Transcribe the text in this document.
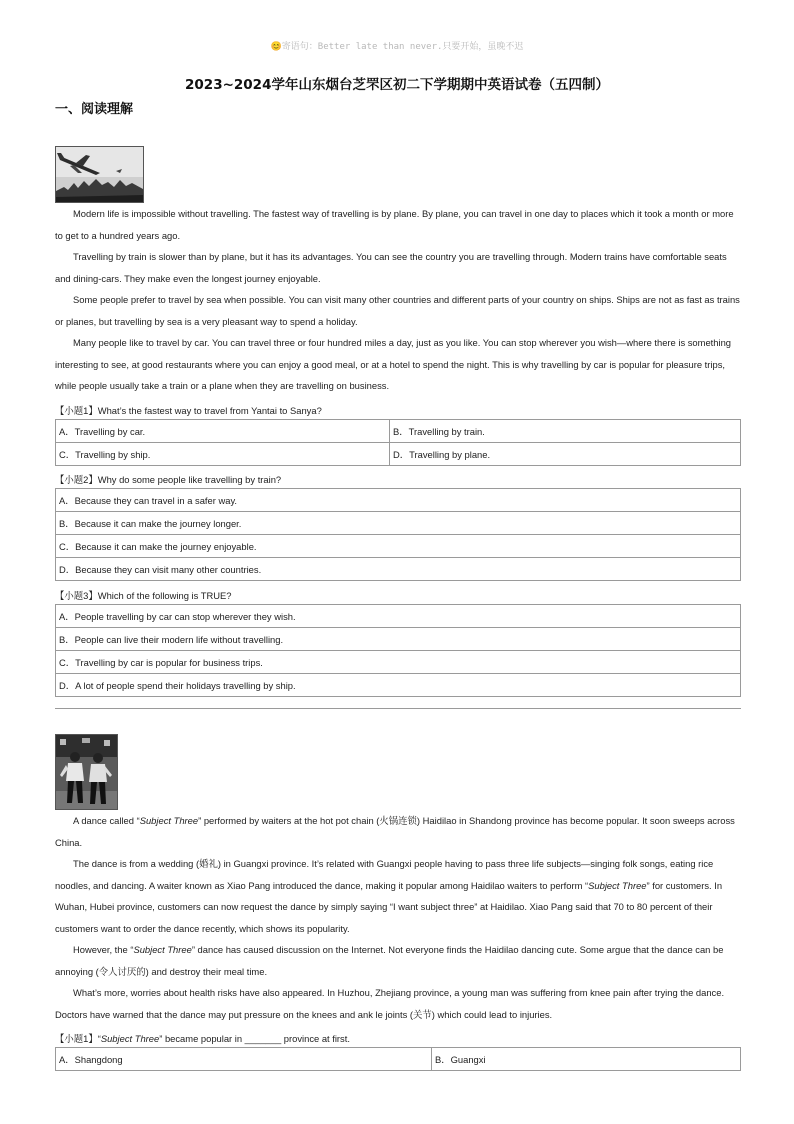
😊寄语句：Better late than never.只要开始，虽晚不迟
2023~2024学年山东烟台芝罘区初二下学期期中英语试卷（五四制）
一、阅读理解

Modern life is impossible without travelling. The fastest way of travelling is by plane. By plane, you can travel in one day to places which it took a month or more to get to a hundred years ago.

Travelling by train is slower than by plane, but it has its advantages. You can see the country you are travelling through. Modern trains have comfortable seats and dining-cars. They make even the longest journey enjoyable.

Some people prefer to travel by sea when possible. You can visit many other countries and different parts of your country on ships. Ships are not as fast as trains or planes, but travelling by sea is a very pleasant way to spend a holiday.

Many people like to travel by car. You can travel three or four hundred miles a day, just as you like. You can stop wherever you wish—where there is something interesting to see, at good restaurants where you can enjoy a good meal, or at a hotel to spend the night. This is why travelling by car is popular for pleasure trips, while people usually take a train or a plane when they are travelling on business.

【小题1】What’s the fastest way to travel from Yantai to Sanya?
A．Travelling by car.	B．Travelling by train.
C．Travelling by ship.	D．Travelling by plane.
【小题2】Why do some people like travelling by train?
A．Because they can travel in a safer way.
B．Because it can make the journey longer.
C．Because it can make the journey enjoyable.
D．Because they can visit many other countries.
【小题3】Which of the following is TRUE?
A．People travelling by car can stop wherever they wish.
B．People can live their modern life without travelling.
C．Travelling by car is popular for business trips.
D．A lot of people spend their holidays travelling by ship.

A dance called “Subject Three” performed by waiters at the hot pot chain (火锅连锁) Haidilao in Shandong province has become popular. It soon sweeps across China.

The dance is from a wedding (婚礼) in Guangxi province. It’s related with Guangxi people having to pass three life subjects—singing folk songs, eating rice noodles, and dancing. A waiter known as Xiao Pang introduced the dance, making it popular among Haidilao waiters to perform “Subject Three” for customers. In Wuhan, Hubei province, customers can now request the dance by simply saying “I want subject three” at Haidilao. Xiao Pang said that 70 to 80 percent of their customers want to order the dance recently, which shows its popularity.

However, the “Subject Three” dance has caused discussion on the Internet. Not everyone finds the Haidilao dancing cute. Some argue that the dance can be annoying (令人讨厌的) and destroy their meal time.

What’s more, worries about health risks have also appeared. In Huzhou, Zhejiang province, a young man was suffering from knee pain after trying the dance. Doctors have warned that the dance may put pressure on the knees and ank le joints (关节) which could lead to injuries.

【小题1】“Subject Three” became popular in _______ province at first.
A．Shangdong	B．Guangxi
